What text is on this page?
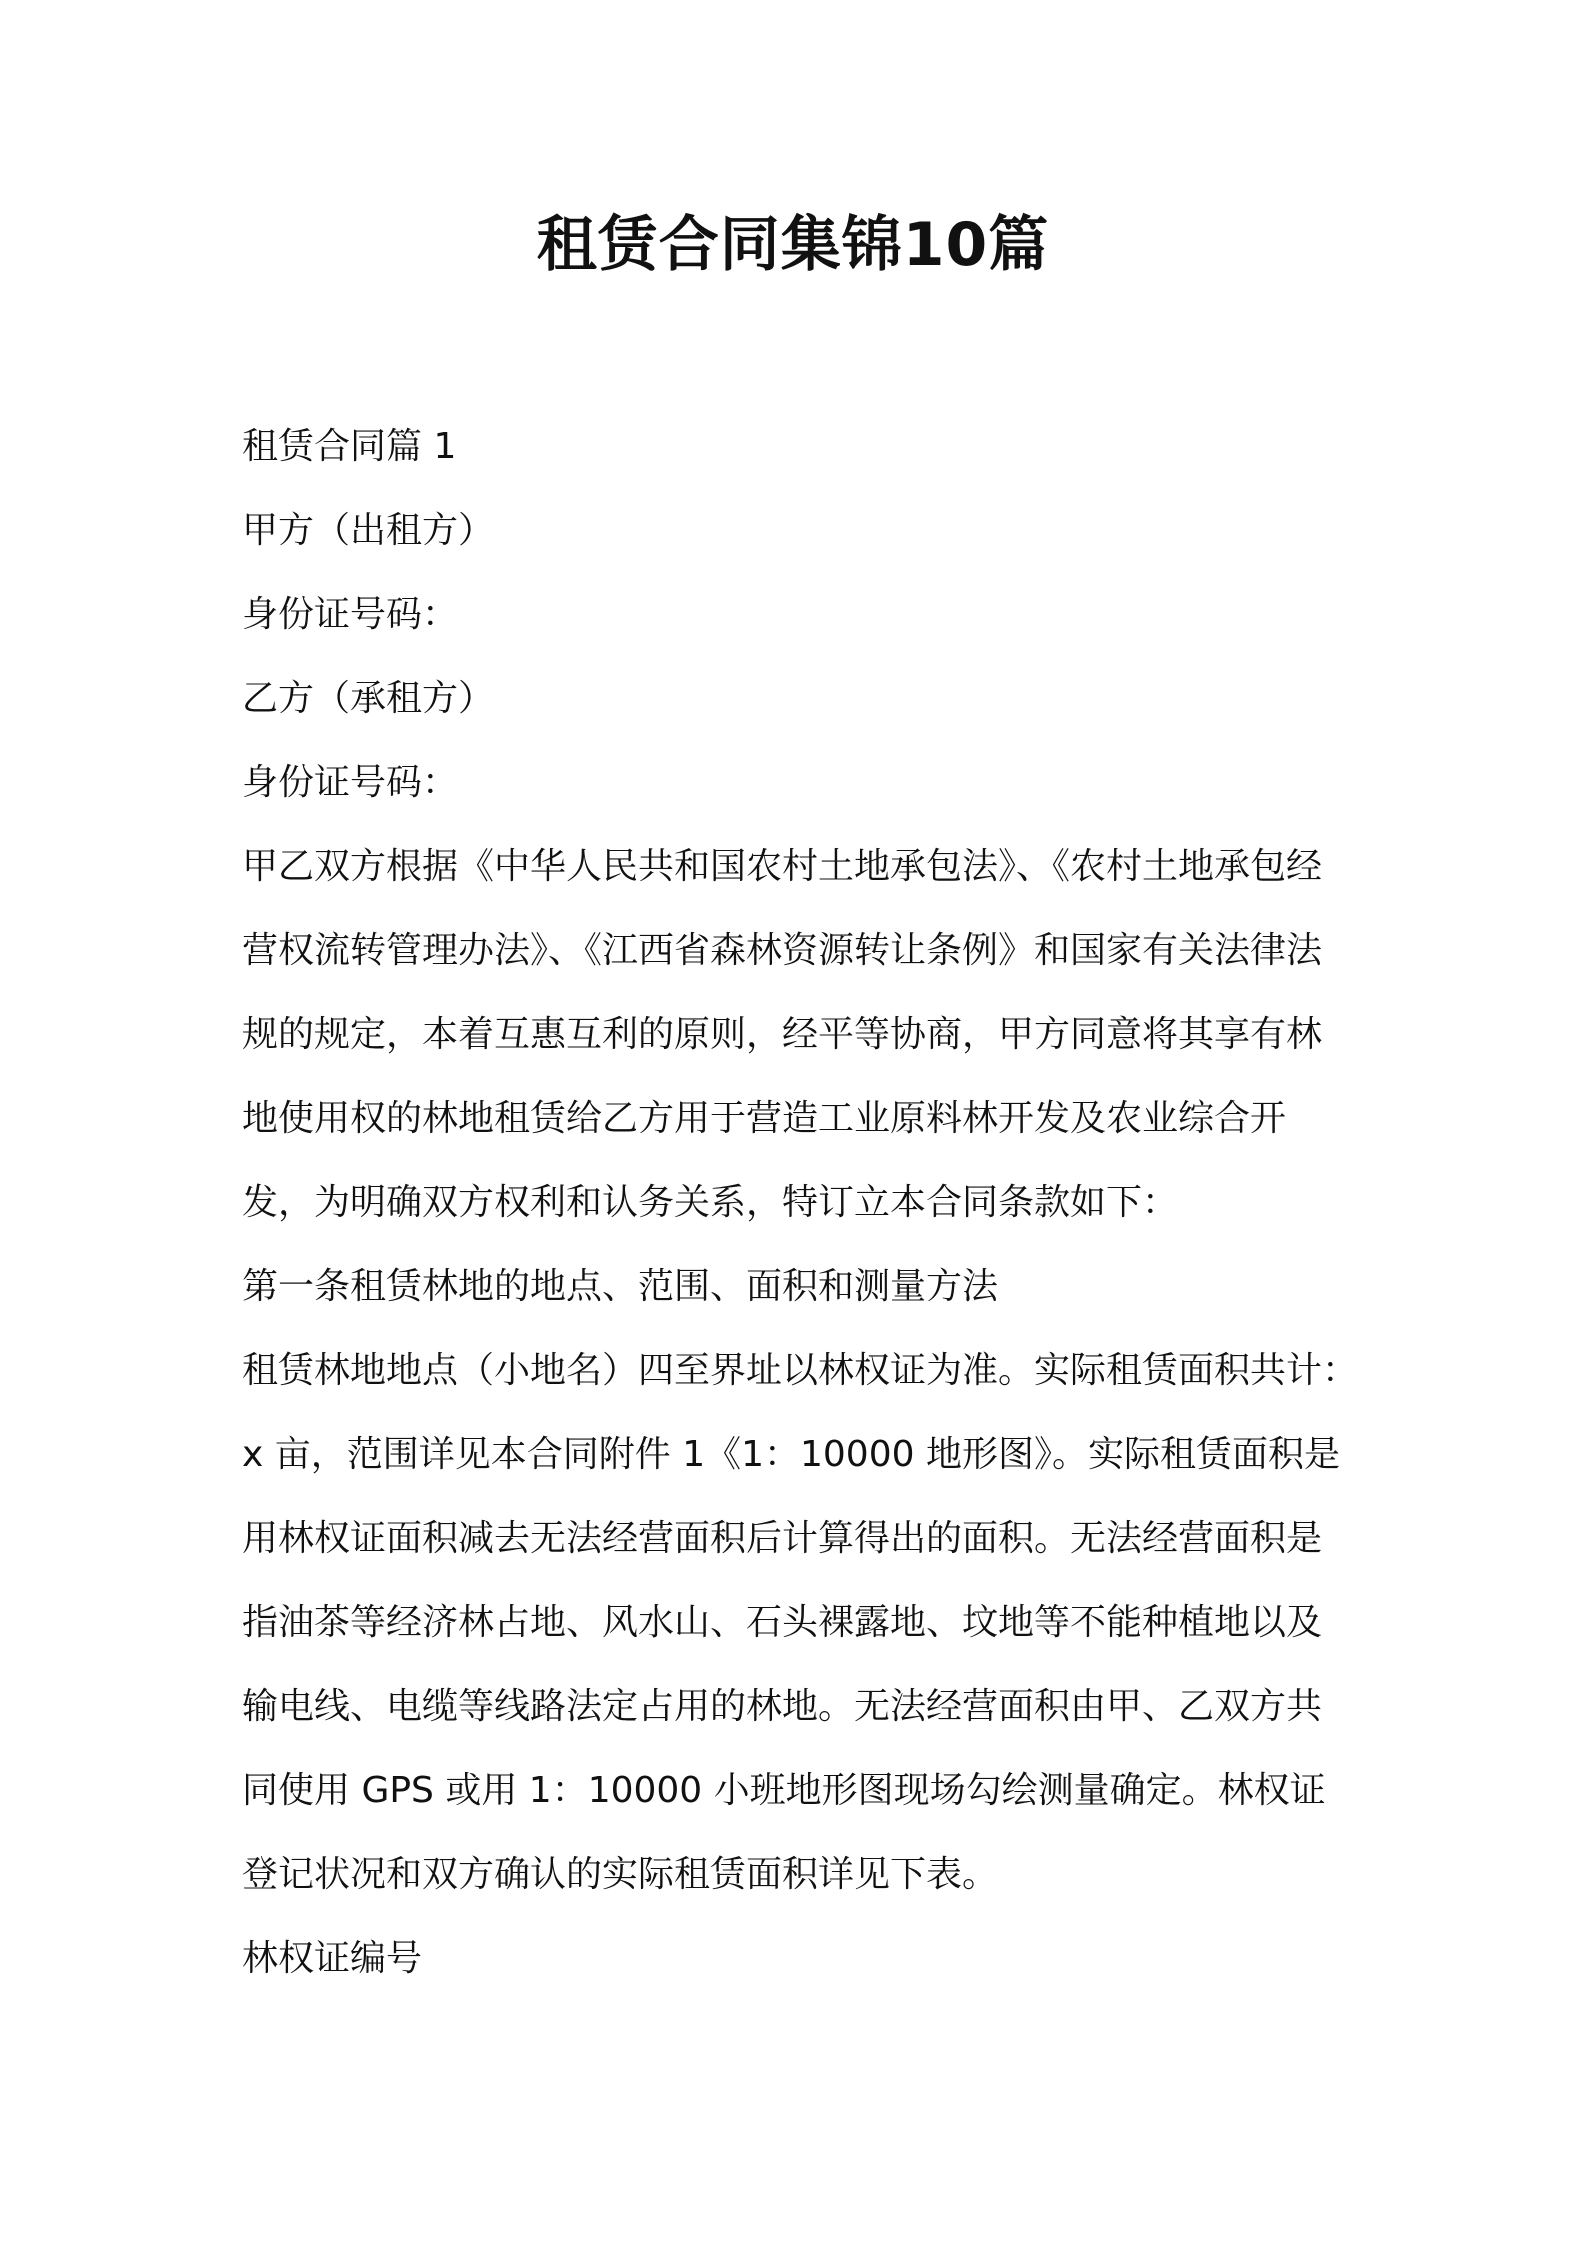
租赁合同集锦10篇

租赁合同篇 1

甲方（出租方）

身份证号码：

乙方（承租方）

身份证号码：

甲乙双方根据《中华人民共和国农村土地承包法》、《农村土地承包经

营权流转管理办法》、《江西省森林资源转让条例》和国家有关法律法

规的规定，本着互惠互利的原则，经平等协商，甲方同意将其享有林

地使用权的林地租赁给乙方用于营造工业原料林开发及农业综合开

发，为明确双方权利和认务关系，特订立本合同条款如下：

第一条租赁林地的地点、范围、面积和测量方法

租赁林地地点（小地名）四至界址以林权证为准。实际租赁面积共计：

x 亩，范围详见本合同附件 1《1：10000 地形图》。实际租赁面积是

用林权证面积减去无法经营面积后计算得出的面积。无法经营面积是

指油茶等经济林占地、风水山、石头裸露地、坟地等不能种植地以及

输电线、电缆等线路法定占用的林地。无法经营面积由甲、乙双方共

同使用 GPS 或用 1：10000 小班地形图现场勾绘测量确定。林权证

登记状况和双方确认的实际租赁面积详见下表。

林权证编号
